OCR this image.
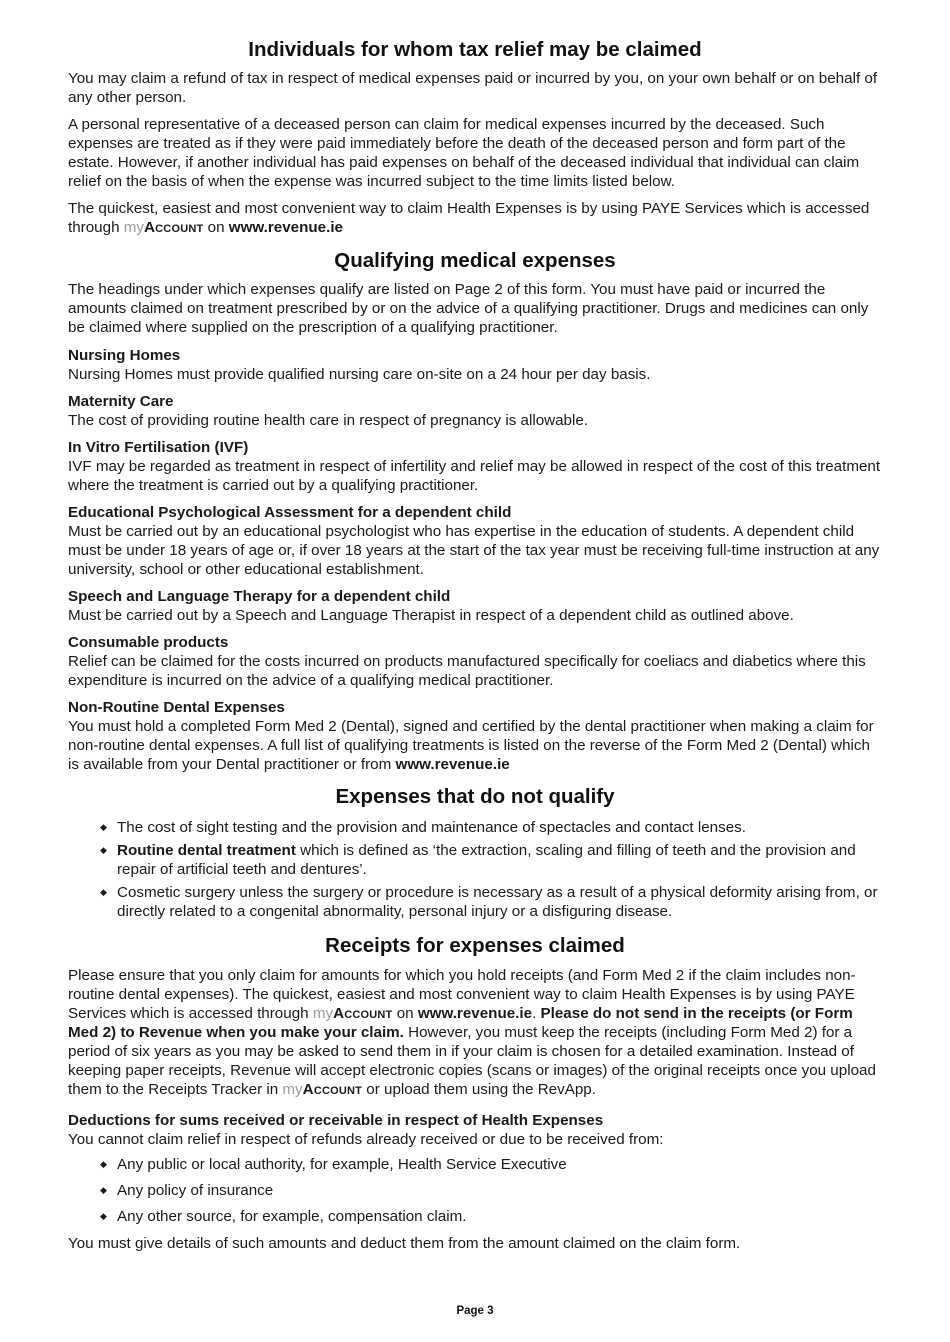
Individuals for whom tax relief may be claimed

You may claim a refund of tax in respect of medical expenses paid or incurred by you, on your own behalf or on behalf of any other person.

A personal representative of a deceased person can claim for medical expenses incurred by the deceased. Such expenses are treated as if they were paid immediately before the death of the deceased person and form part of the estate. However, if another individual has paid expenses on behalf of the deceased individual that individual can claim relief on the basis of when the expense was incurred subject to the time limits listed below.

The quickest, easiest and most convenient way to claim Health Expenses is by using PAYE Services which is accessed through myAccount on www.revenue.ie

Qualifying medical expenses

The headings under which expenses qualify are listed on Page 2 of this form. You must have paid or incurred the amounts claimed on treatment prescribed by or on the advice of a qualifying practitioner. Drugs and medicines can only be claimed where supplied on the prescription of a qualifying practitioner.

Nursing Homes
Nursing Homes must provide qualified nursing care on-site on a 24 hour per day basis.
Maternity Care
The cost of providing routine health care in respect of pregnancy is allowable.
In Vitro Fertilisation (IVF)
IVF may be regarded as treatment in respect of infertility and relief may be allowed in respect of the cost of this treatment where the treatment is carried out by a qualifying practitioner.
Educational Psychological Assessment for a dependent child
Must be carried out by an educational psychologist who has expertise in the education of students. A dependent child must be under 18 years of age or, if over 18 years at the start of the tax year must be receiving full-time instruction at any university, school or other educational establishment.
Speech and Language Therapy for a dependent child
Must be carried out by a Speech and Language Therapist in respect of a dependent child as outlined above.
Consumable products
Relief can be claimed for the costs incurred on products manufactured specifically for coeliacs and diabetics where this expenditure is incurred on the advice of a qualifying medical practitioner.
Non-Routine Dental Expenses
You must hold a completed Form Med 2 (Dental), signed and certified by the dental practitioner when making a claim for non-routine dental expenses. A full list of qualifying treatments is listed on the reverse of the Form Med 2 (Dental) which is available from your Dental practitioner or from www.revenue.ie
Expenses that do not qualify
◆ The cost of sight testing and the provision and maintenance of spectacles and contact lenses.
◆ Routine dental treatment which is defined as ‘the extraction, scaling and filling of teeth and the provision and repair of artificial teeth and dentures’.
◆ Cosmetic surgery unless the surgery or procedure is necessary as a result of a physical deformity arising from, or directly related to a congenital abnormality, personal injury or a disfiguring disease.
Receipts for expenses claimed

Please ensure that you only claim for amounts for which you hold receipts (and Form Med 2 if the claim includes non-routine dental expenses). The quickest, easiest and most convenient way to claim Health Expenses is by using PAYE Services which is accessed through myAccount on www.revenue.ie. Please do not send in the receipts (or Form Med 2) to Revenue when you make your claim. However, you must keep the receipts (including Form Med 2) for a period of six years as you may be asked to send them in if your claim is chosen for a detailed examination. Instead of keeping paper receipts, Revenue will accept electronic copies (scans or images) of the original receipts once you upload them to the Receipts Tracker in myAccount or upload them using the RevApp.

Deductions for sums received or receivable in respect of Health Expenses
You cannot claim relief in respect of refunds already received or due to be received from:
◆ Any public or local authority, for example, Health Service Executive
◆ Any policy of insurance
◆ Any other source, for example, compensation claim.

You must give details of such amounts and deduct them from the amount claimed on the claim form.

Page 3
